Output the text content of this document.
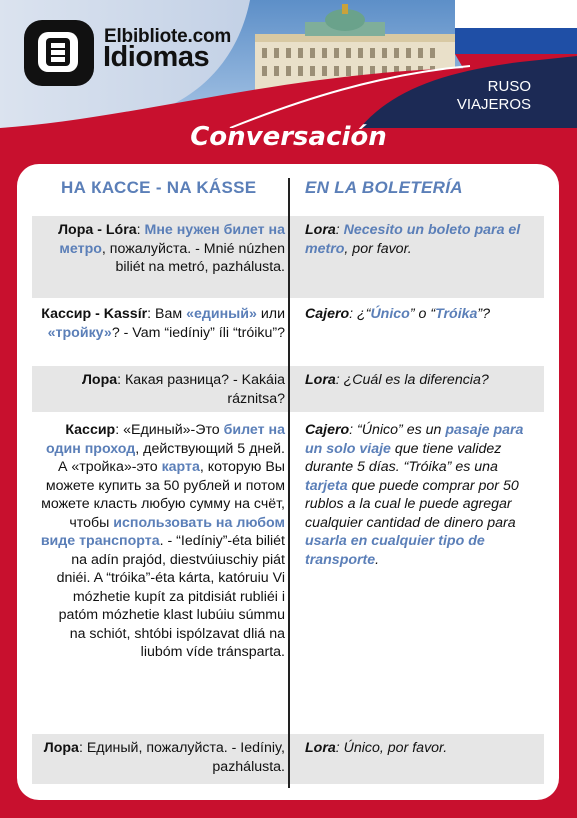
Elbibliote.com
Idiomas
RUSO
VIAJEROS
Conversación
НА КАССЕ - NA KÁSSE	EN LA BOLETERÍA
Лора - Lóra: Мне нужен билет на метро, пожалуйста. - Mnié núzhen biliét na metró, pazhálusta.
Lora: Necesito un boleto para el metro, por favor.
Кассир - Kassír: Вам «единый» или «тройку»? - Vam “iedíniy” íli “tróiku”?
Cajero: ¿“Único” o “Tróika”?
Лора: Какая разница? - Kakáia ráznitsa?
Lora: ¿Cuál es la diferencia?
Кассир: «Единый»-Это билет на один проход, действующий 5 дней. А «тройка»-это карта, которую Вы можете купить за 50 рублей и потом можете класть любую сумму на счёт, чтобы использовать на любом виде транспорта. - “Iedíniy”-éta biliét na adín prajód, diestvúiuschiy piát dniéi. A “tróika”-éta kárta, katóruiu Vi mózhetie kupít za pitdisiát rubliéi i patóm mózhetie klast lubúiu súmmu na schiót, shtóbi ispólzavat dliá na liubóm víde tránsparta.
Cajero: “Único” es un pasaje para un solo viaje que tiene validez durante 5 días. “Tróika” es una tarjeta que puede comprar por 50 rublos a la cual le puede agregar cualquier cantidad de dinero para usarla en cualquier tipo de transporte.
Лора: Единый, пожалуйста. - Iedíniy, pazhálusta.
Lora: Único, por favor.
